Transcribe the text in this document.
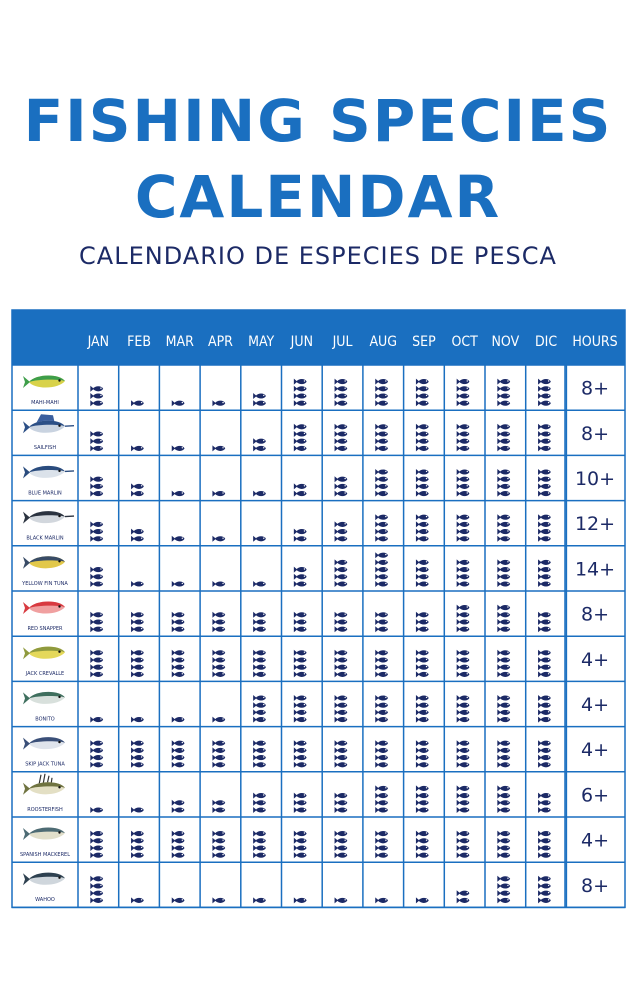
FISHING SPECIES
CALENDAR
CALENDARIO DE ESPECIES DE PESCA
JAN FEB MAR APR MAY JUN JUL AUG SEP OCT NOV DIC HOURS
MAHI-MAHI
8+
SAILFISH
8+
BLUE MARLIN
10+
BLACK MARLIN
12+
YELLOW FIN TUNA
14+
RED SNAPPER
8+
JACK CREVALLE
4+
BONITO
4+
SKIP JACK TUNA
4+
ROOSTERFISH
6+
SPANISH MACKEREL
4+
WAHOO
8+
